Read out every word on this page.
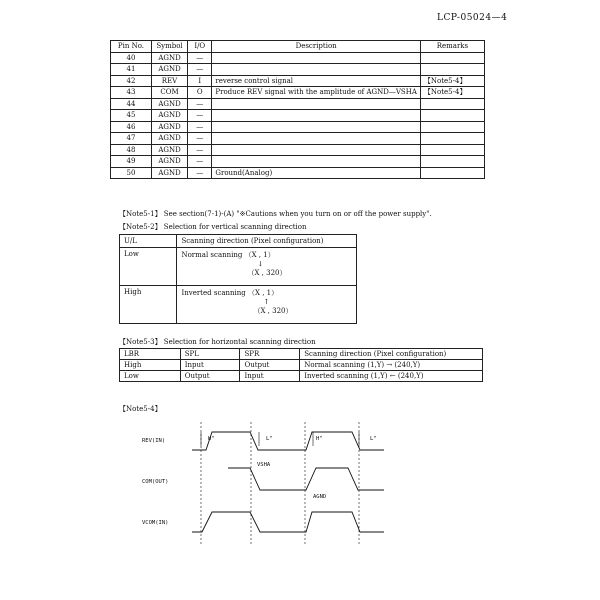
LCP-05024—4
Pin No.	Symbol	I/O	Description	Remarks
40	AGND	—		
41	AGND	—		
42	REV	I	reverse control signal	【Note5-4】
43	COM	O	Produce REV signal with the amplitude of AGND—VSHA	【Note5-4】
44	AGND	—		
45	AGND	—		
46	AGND	—		
47	AGND	—		
48	AGND	—		
49	AGND	—		
50	AGND	—	Ground(Analog)	
【Note5-1】 See section(7-1)-(A) "※Cautions when you turn on or off the power supply".
【Note5-2】 Selection for vertical scanning direction
U/L	Scanning direction (Pixel configuration)
Low	Normal scanning （X , 1）
↓
（X , 320）

High	Inverted scanning （X , 1）
↑
（X , 320）
【Note5-3】 Selection for horizontal scanning direction
LBR	SPL	SPR	Scanning direction (Pixel configuration)
High	Input	Output	Normal scanning (1,Y) → (240,Y)
Low	Output	Input	Inverted scanning (1,Y) ← (240,Y)
【Note5-4】
REV(IN)
COM(OUT)
VCOM(IN)
H"	L"	H"	L"
VSHA
AGND
